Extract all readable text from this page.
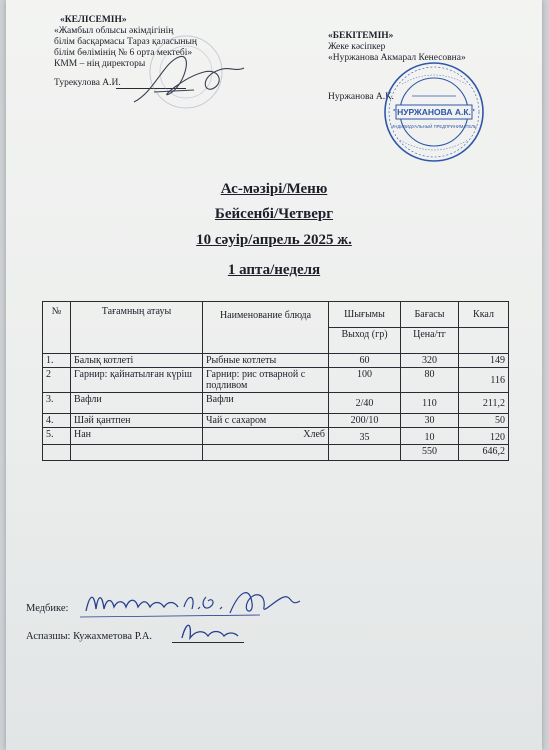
«КЕЛІСЕМІН»
«Жамбыл облысы әкімдігінің
білім басқармасы Тараз қаласының
білім бөлімінің № 6 орта мектебі»
КММ – нің директоры
Турекулова А.И.
«БЕКІТЕМІН»
Жеке кәсіпкер
«Нуржанова Акмарал Кенесовна»
Нуржанова А.К.
"НУРЖАНОВА А.К."
ИНДИВИДУАЛЬНЫЙ ПРЕДПРИНИМАТЕЛЬ
Ас-мәзірі/Меню
Бейсенбі/Четверг
10 сәуір/апрель 2025 ж.
1 апта/неделя
№	Тағамның атауы	Наименование блюда	Шығымы	Бағасы	Ккал
			Выход (гр)	Цена/тг	
1.	Балық котлеті	Рыбные котлеты	60	320	149
2	Гарнир: қайнатылған күріш	Гарнир: рис отварной с подливом	100	80	116
3.	Вафли	Вафли	2/40	110	211,2
4.	Шәй қантпен	Чай с сахаром	200/10	30	50
5.	Нан	Хлеб	35	10	120
				550	646,2
Медбике:
Аспазшы: Кужахметова Р.А.
